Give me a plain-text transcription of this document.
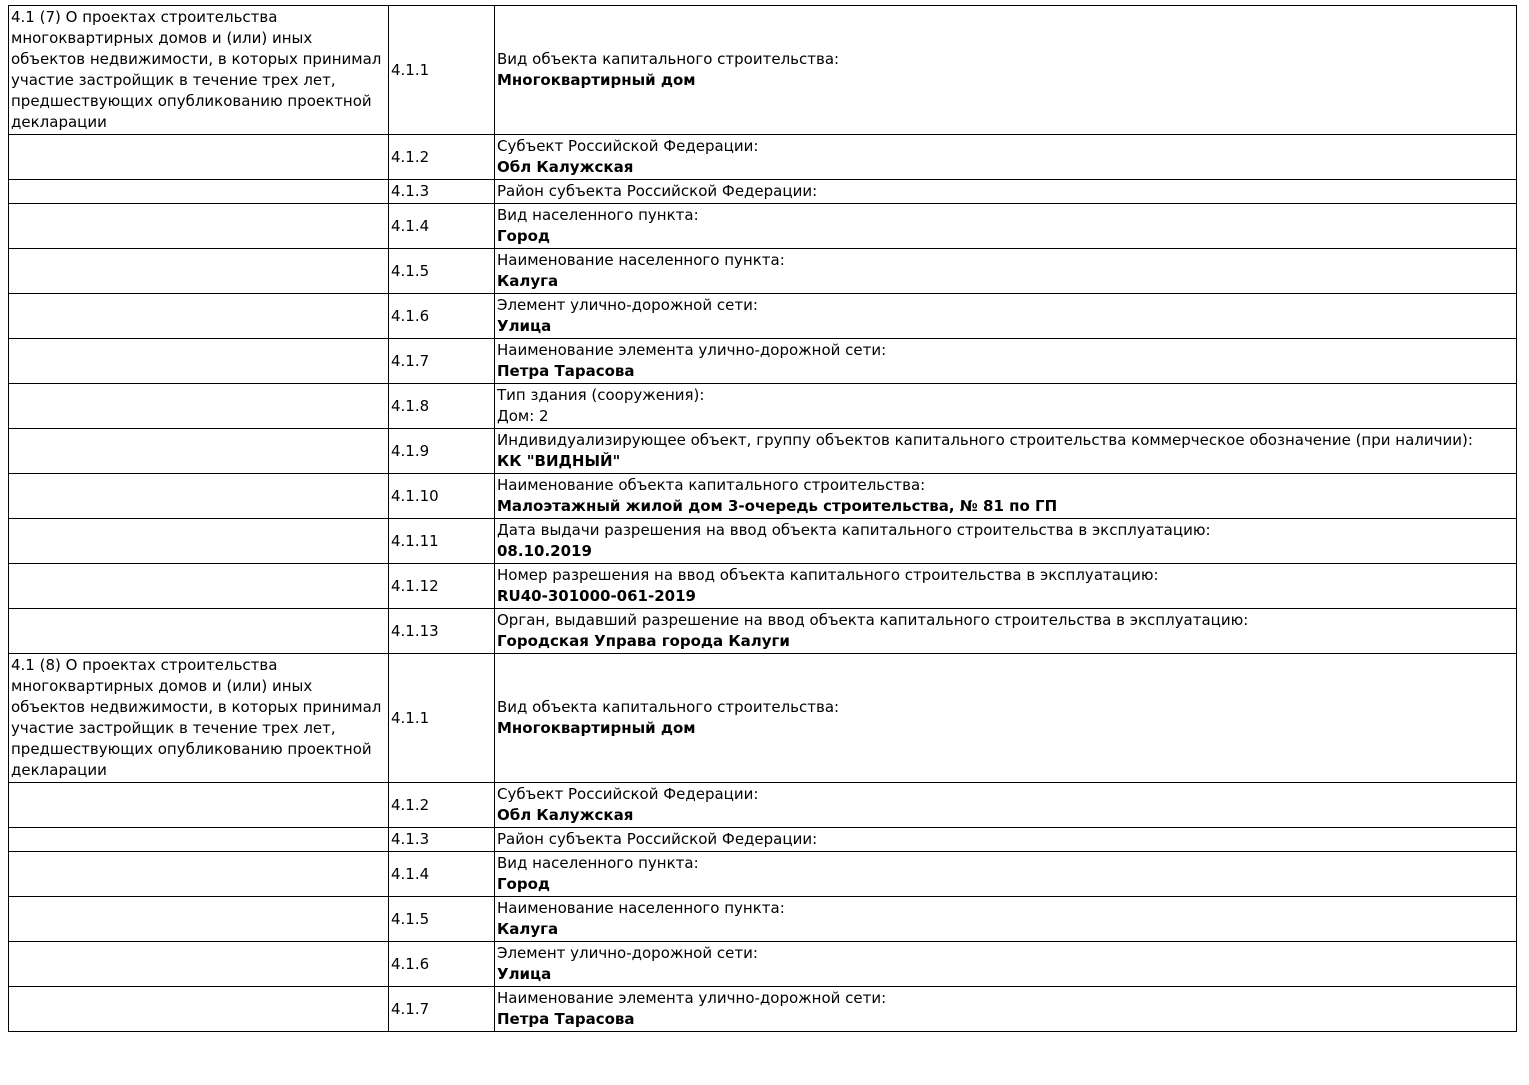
4.1 (7) О проектах строительства многоквартирных домов и (или) иных объектов недвижимости, в которых принимал участие застройщик в течение трех лет, предшествующих опубликованию проектной декларации	4.1.1	Вид объекта капитального строительства:
Многоквартирный дом

	4.1.2	Субъект Российской Федерации:
Обл Калужская

	4.1.3	Район субъекта Российской Федерации:

	4.1.4	Вид населенного пункта:
Город

	4.1.5	Наименование населенного пункта:
Калуга

	4.1.6	Элемент улично-дорожной сети:
Улица

	4.1.7	Наименование элемента улично-дорожной сети:
Петра Тарасова

	4.1.8	Тип здания (сооружения):
Дом: 2

	4.1.9	Индивидуализирующее объект, группу объектов капитального строительства коммерческое обозначение (при наличии):
КК "ВИДНЫЙ"

	4.1.10	Наименование объекта капитального строительства:
Малоэтажный жилой дом 3-очередь строительства, № 81 по ГП

	4.1.11	Дата выдачи разрешения на ввод объекта капитального строительства в эксплуатацию:
08.10.2019

	4.1.12	Номер разрешения на ввод объекта капитального строительства в эксплуатацию:
RU40-301000-061-2019

	4.1.13	Орган, выдавший разрешение на ввод объекта капитального строительства в эксплуатацию:
Городская Управа города Калуги

4.1 (8) О проектах строительства многоквартирных домов и (или) иных объектов недвижимости, в которых принимал участие застройщик в течение трех лет, предшествующих опубликованию проектной декларации	4.1.1	Вид объекта капитального строительства:
Многоквартирный дом

	4.1.2	Субъект Российской Федерации:
Обл Калужская

	4.1.3	Район субъекта Российской Федерации:

	4.1.4	Вид населенного пункта:
Город

	4.1.5	Наименование населенного пункта:
Калуга

	4.1.6	Элемент улично-дорожной сети:
Улица

	4.1.7	Наименование элемента улично-дорожной сети:
Петра Тарасова
